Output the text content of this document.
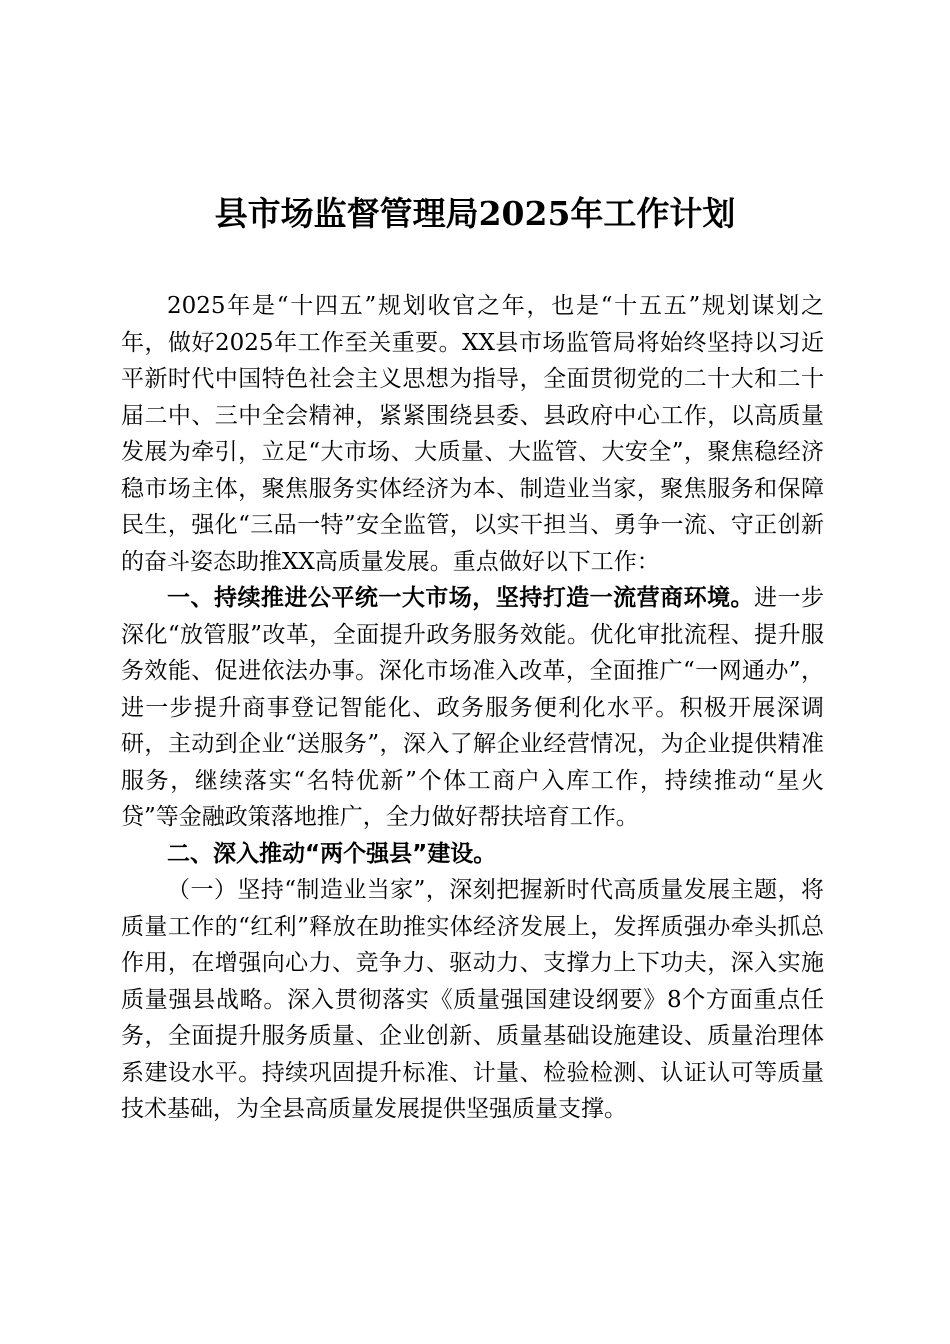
县市场监督管理局2025年工作计划

2025年是“十四五”规划收官之年，也是“十五五”规划谋划之年，做好2025年工作至关重要。XX县市场监管局将始终坚持以习近平新时代中国特色社会主义思想为指导，全面贯彻党的二十大和二十届二中、三中全会精神，紧紧围绕县委、县政府中心工作，以高质量发展为牵引，立足“大市场、大质量、大监管、大安全”，聚焦稳经济稳市场主体，聚焦服务实体经济为本、制造业当家，聚焦服务和保障民生，强化“三品一特”安全监管，以实干担当、勇争一流、守正创新的奋斗姿态助推XX高质量发展。重点做好以下工作：

一、持续推进公平统一大市场，坚持打造一流营商环境。进一步深化“放管服”改革，全面提升政务服务效能。优化审批流程、提升服务效能、促进依法办事。深化市场准入改革，全面推广“一网通办”，进一步提升商事登记智能化、政务服务便利化水平。积极开展深调研，主动到企业“送服务”，深入了解企业经营情况，为企业提供精准服务，继续落实“名特优新”个体工商户入库工作，持续推动“星火贷”等金融政策落地推广，全力做好帮扶培育工作。

二、深入推动“两个强县”建设。

（一）坚持“制造业当家”，深刻把握新时代高质量发展主题，将质量工作的“红利”释放在助推实体经济发展上，发挥质强办牵头抓总作用，在增强向心力、竞争力、驱动力、支撑力上下功夫，深入实施质量强县战略。深入贯彻落实《质量强国建设纲要》8个方面重点任务，全面提升服务质量、企业创新、质量基础设施建设、质量治理体系建设水平。持续巩固提升标准、计量、检验检测、认证认可等质量技术基础，为全县高质量发展提供坚强质量支撑。
